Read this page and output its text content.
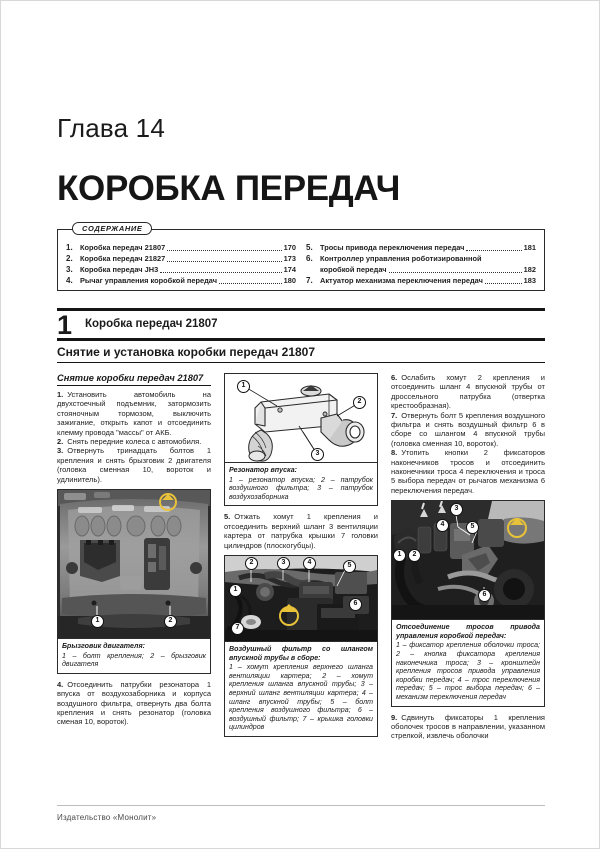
Глава 14
КОРОБКА ПЕРЕДАЧ
СОДЕРЖАНИЕ
1. Коробка передач 21807	170
2. Коробка передач 21827	173
3. Коробка передач JH3	174
4. Рычаг управления коробкой передач	180
5. Тросы привода переключения передач	181
6. Контроллер управления роботизированной
коробкой передач	182
7. Актуатор механизма переключения передач	183
1	Коробка передач 21807
Снятие и установка коробки передач 21807
Снятие коробки передач 21807

1. Установить автомобиль на двухстоечный подъемник, затормозить стояночным тормозом, выключить зажигание, открыть капот и отсоединить клемму провода "массы" от АКБ.

2. Снять передние колеса с автомобиля.

3. Отвернуть тринадцать болтов 1 крепления и снять брызговик 2 двигателя (головка сменная 10, вороток и удлинитель).

1	2
Брызговик двигателя:
1 – болт крепления; 2 – брызговик двигателя

4. Отсоединить патрубки резонатора 1 впуска от воздухозаборника и корпуса воздушного фильтра, отвернуть два болта крепления и снять резонатор (головка сменая 10, вороток).

1
2
3
Резонатор впуска:
1 – резонатор впуска; 2 – патрубок воздушного фильтра; 3 – патрубок воздухозаборника

5. Отжать хомут 1 крепления и отсоединить верхний шланг 3 вентиляции картера от патрубка крышки 7 головки цилиндров (плоскогубцы).

1
2	3	4	5
6
7
Воздушный фильтр со шлангом впускной трубы в сборе:
1 – хомут крепления верхнего шланга вентиляции картера; 2 – хомут крепления шланга впускной трубы; 3 – верхний шланг вентиляции картера; 4 – шланг впускной трубы; 5 – болт крепления воздушного фильтра; 6 – воздушный фильтр; 7 – крышка головки цилиндров

6. Ослабить хомут 2 крепления и отсоединить шланг 4 впускной трубы от дроссельного патрубка (отвертка крестообразная).

7. Отвернуть болт 5 крепления воздушного фильтра и снять воздушный фильтр 6 в сборе со шлангом 4 впускной трубы (головка сменная 10, вороток).

8. Утопить кнопки 2 фиксаторов наконечников тросов и отсоединить наконечники троса 4 переключения и троса 5 выбора передач от рычагов механизма 6 переключения передач.

1	2
3
4	5
6
Отсоединение тросов привода управления коробкой передач:
1 – фиксатор крепления оболочки троса; 2 – кнопка фиксатора крепления наконечника троса; 3 – кронштейн крепления тросов привода управления коробки передач; 4 – трос переключения передач; 5 – трос выбора передач; 6 – механизм переключения передач

9. Сдвинуть фиксаторы 1 крепления оболочек тросов в направлении, указанном стрелкой, извлечь оболочки

Издательство «Монолит»
